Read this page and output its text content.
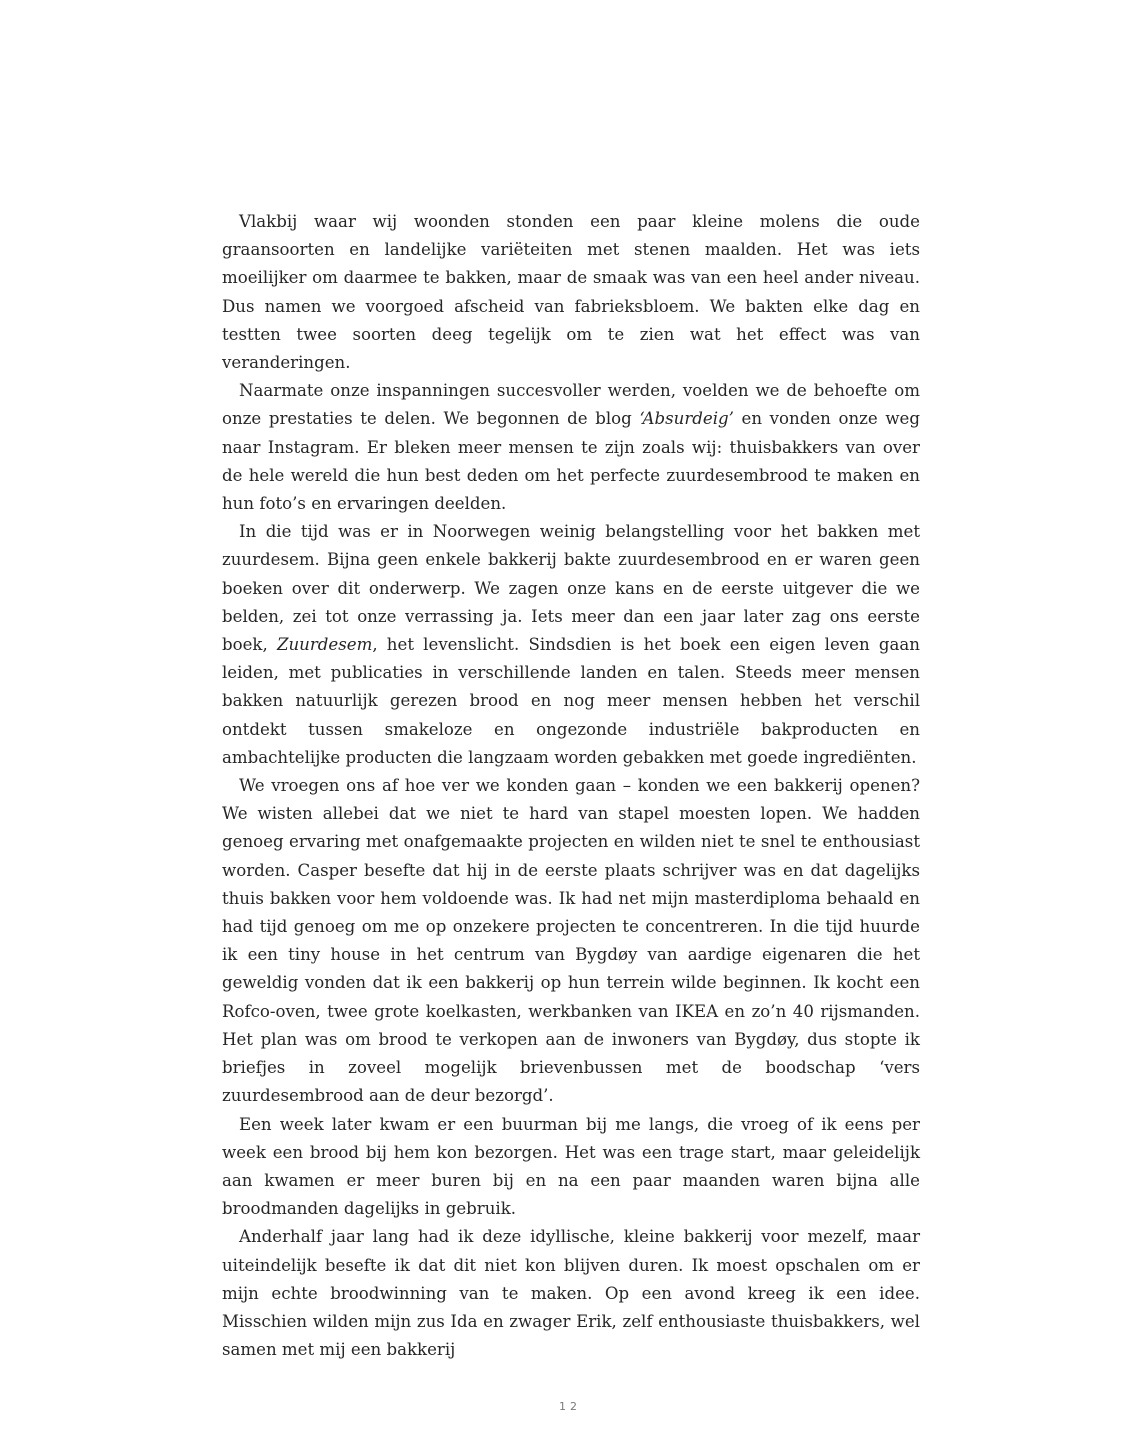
Vlakbij waar wij woonden stonden een paar kleine molens die oude graansoorten en landelijke variëteiten met stenen maalden. Het was iets moeilijker om daarmee te bakken, maar de smaak was van een heel ander niveau. Dus namen we voorgoed afscheid van fabrieksbloem. We bakten elke dag en testten twee soorten deeg tegelijk om te zien wat het effect was van veranderingen.

Naarmate onze inspanningen succesvoller werden, voelden we de behoefte om onze prestaties te delen. We begonnen de blog ‘Absurdeig’ en vonden onze weg naar Instagram. Er bleken meer mensen te zijn zoals wij: thuisbakkers van over de hele wereld die hun best deden om het perfecte zuurdesembrood te maken en hun foto’s en ervaringen deelden.

In die tijd was er in Noorwegen weinig belangstelling voor het bakken met zuurdesem. Bijna geen enkele bakkerij bakte zuurdesembrood en er waren geen boeken over dit onderwerp. We zagen onze kans en de eerste uitgever die we belden, zei tot onze verrassing ja. Iets meer dan een jaar later zag ons eerste boek, Zuurdesem, het levenslicht. Sindsdien is het boek een eigen leven gaan leiden, met publicaties in verschillende landen en talen. Steeds meer mensen bakken natuurlijk gerezen brood en nog meer mensen hebben het verschil ontdekt tussen smakeloze en ongezonde industriële bakproducten en ambachtelijke producten die langzaam worden gebakken met goede ingrediënten.

We vroegen ons af hoe ver we konden gaan – konden we een bakkerij openen? We wisten allebei dat we niet te hard van stapel moesten lopen. We hadden genoeg ervaring met onafgemaakte projecten en wilden niet te snel te enthousiast worden. Casper besefte dat hij in de eerste plaats schrijver was en dat dagelijks thuis bakken voor hem voldoende was. Ik had net mijn masterdiploma behaald en had tijd genoeg om me op onzekere projecten te concentreren. In die tijd huurde ik een tiny house in het centrum van Bygdøy van aardige eigenaren die het geweldig vonden dat ik een bakkerij op hun terrein wilde beginnen. Ik kocht een Rofco-oven, twee grote koelkasten, werkbanken van IKEA en zo’n 40 rijsmanden. Het plan was om brood te verkopen aan de inwoners van Bygdøy, dus stopte ik briefjes in zoveel mogelijk brievenbussen met de boodschap ‘vers zuurdesembrood aan de deur bezorgd’.

Een week later kwam er een buurman bij me langs, die vroeg of ik eens per week een brood bij hem kon bezorgen. Het was een trage start, maar geleidelijk aan kwamen er meer buren bij en na een paar maanden waren bijna alle broodmanden dagelijks in gebruik.

Anderhalf jaar lang had ik deze idyllische, kleine bakkerij voor mezelf, maar uiteindelijk besefte ik dat dit niet kon blijven duren. Ik moest opschalen om er mijn echte broodwinning van te maken. Op een avond kreeg ik een idee. Misschien wilden mijn zus Ida en zwager Erik, zelf enthousiaste thuisbakkers, wel samen met mij een bakkerij

12
